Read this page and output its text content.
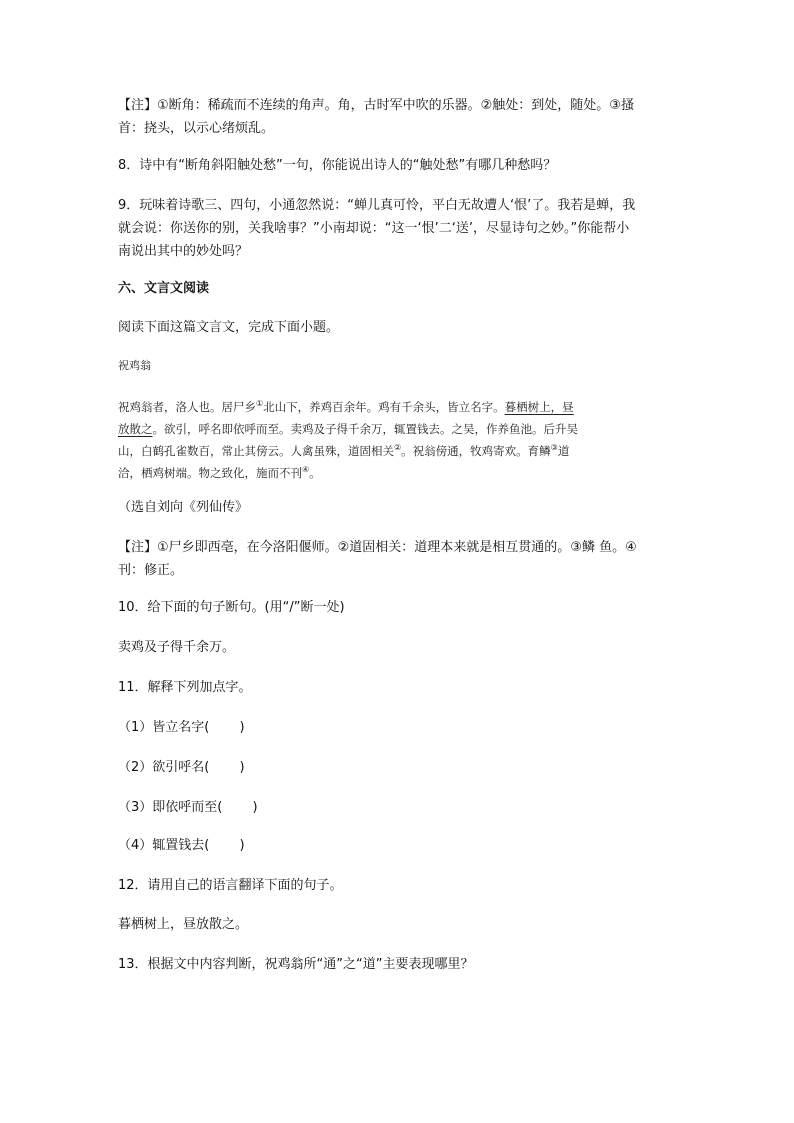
【注】①断角：稀疏而不连续的角声。角，古时军中吹的乐器。②触处：到处，随处。③搔
首：挠头，以示心绪烦乱。
8．诗中有“断角斜阳触处愁”一句，你能说出诗人的“触处愁”有哪几种愁吗？
9．玩味着诗歌三、四句，小通忽然说：“蝉儿真可怜，平白无故遭人‘恨’了。我若是蝉，我
就会说：你送你的别，关我啥事？”小南却说：“这一‘恨’二‘送’，尽显诗句之妙。”你能帮小
南说出其中的妙处吗？
六、文言文阅读
阅读下面这篇文言文，完成下面小题。
祝鸡翁
祝鸡翁者，洛人也。居尸乡①北山下，养鸡百余年。鸡有千余头，皆立名字。暮栖树上，昼
放散之。欲引，呼名即依呼而至。卖鸡及子得千余万，辄置钱去。之吴，作养鱼池。后升吴
山，白鹤孔雀数百，常止其傍云。人禽虽殊，道固相关②。祝翁傍通，牧鸡寄欢。育鳞③道
洽，栖鸡树端。物之致化，施而不刊④。
（选自刘向《列仙传》
【注】①尸乡即西亳，在今洛阳偃师。②道固相关：道理本来就是相互贯通的。③鳞 鱼。④
刊：修正。
10．给下面的句子断句。(用“/”断一处)
卖鸡及子得千余万。
11．解释下列加点字。
（1）皆立名字(　　 )
（2）欲引呼名(　　 )
（3）即依呼而至(　　 )
（4）辄置钱去(　　 )
12．请用自己的语言翻译下面的句子。
暮栖树上，昼放散之。
13．根据文中内容判断，祝鸡翁所“通”之“道”主要表现哪里？
